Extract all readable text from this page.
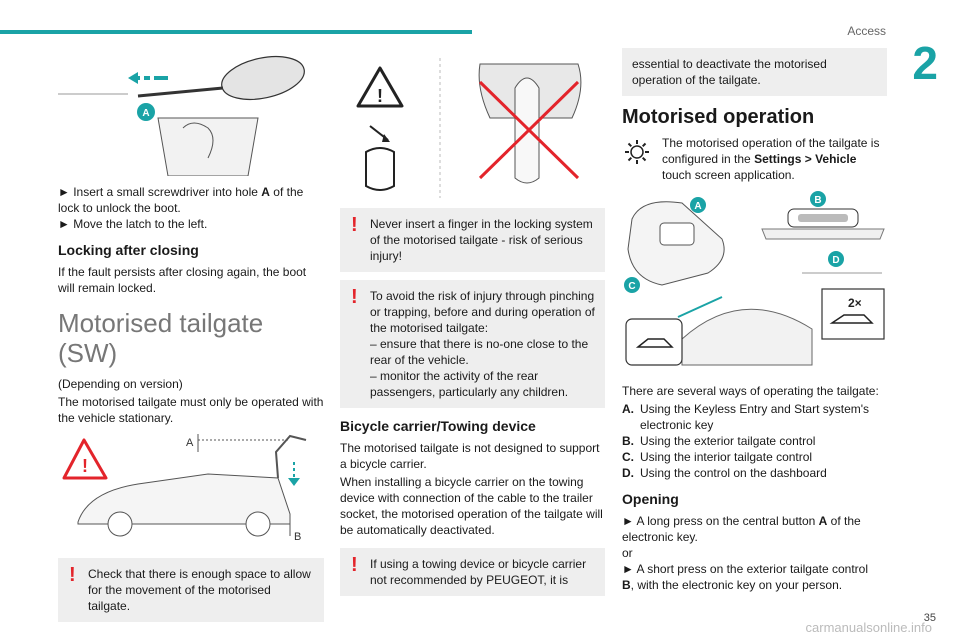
Access
2
A

► Insert a small screwdriver into hole A of the lock to unlock the boot.

► Move the latch to the left.

Locking after closing

If the fault persists after closing again, the boot will remain locked.

Motorised tailgate (SW)

(Depending on version)

The motorised tailgate must only be operated with the vehicle stationary.

!
A
B
! Check that there is enough space to allow for the movement of the motorised tailgate.
!
! Never insert a finger in the locking system of the motorised tailgate - risk of serious injury!
! To avoid the risk of injury through pinching or trapping, before and during operation of the motorised tailgate:
– ensure that there is no-one close to the rear of the vehicle.
– monitor the activity of the rear passengers, particularly any children.
Bicycle carrier/Towing device

The motorised tailgate is not designed to support a bicycle carrier.

When installing a bicycle carrier on the towing device with connection of the cable to the trailer socket, the motorised operation of the tailgate will be automatically deactivated.

! If using a towing device or bicycle carrier not recommended by PEUGEOT, it is
essential to deactivate the motorised operation of the tailgate.
Motorised operation
The motorised operation of the tailgate is configured in the Settings > Vehicle touch screen application.
A
B
D
2×
C

There are several ways of operating the tailgate:

A. Using the Keyless Entry and Start system's
electronic key
B. Using the exterior tailgate control
C. Using the interior tailgate control
D. Using the control on the dashboard
Opening

► A long press on the central button A of the electronic key.

or

► A short press on the exterior tailgate control
B, with the electronic key on your person.

35
carmanualsonline.info
